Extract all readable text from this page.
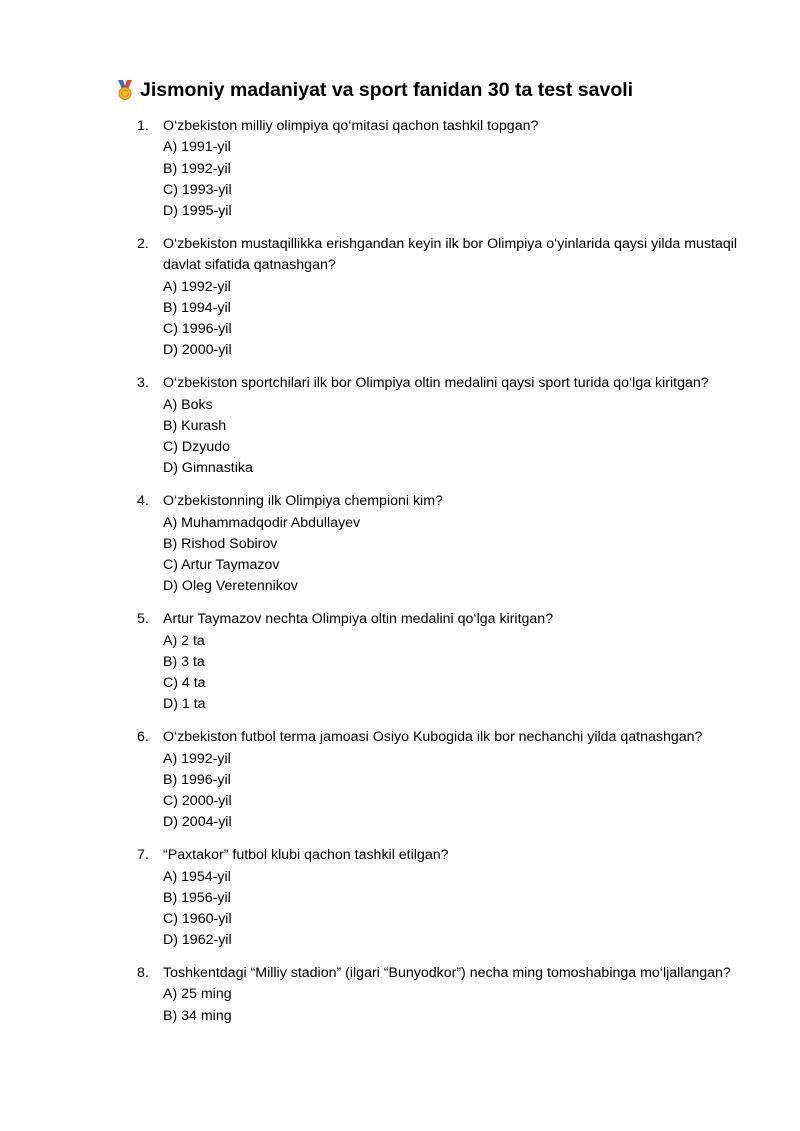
Jismoniy madaniyat va sport fanidan 30 ta test savoli
1. O‘zbekiston milliy olimpiya qo‘mitasi qachon tashkil topgan?

A) 1991-yil
B) 1992-yil
C) 1993-yil
D) 1995-yil
2. O‘zbekiston mustaqillikka erishgandan keyin ilk bor Olimpiya o‘yinlarida qaysi yilda mustaqil davlat sifatida qatnashgan?

A) 1992-yil
B) 1994-yil
C) 1996-yil
D) 2000-yil
3. O‘zbekiston sportchilari ilk bor Olimpiya oltin medalini qaysi sport turida qo‘lga kiritgan?

A) Boks
B) Kurash
C) Dzyudo
D) Gimnastika
4. O‘zbekistonning ilk Olimpiya chempioni kim?

A) Muhammadqodir Abdullayev
B) Rishod Sobirov
C) Artur Taymazov
D) Oleg Veretennikov
5. Artur Taymazov nechta Olimpiya oltin medalini qo‘lga kiritgan?

A) 2 ta
B) 3 ta
C) 4 ta
D) 1 ta
6. O‘zbekiston futbol terma jamoasi Osiyo Kubogida ilk bor nechanchi yilda qatnashgan?

A) 1992-yil
B) 1996-yil
C) 2000-yil
D) 2004-yil
7. “Paxtakor” futbol klubi qachon tashkil etilgan?

A) 1954-yil
B) 1956-yil
C) 1960-yil
D) 1962-yil
8. Toshkentdagi “Milliy stadion” (ilgari “Bunyodkor”) necha ming tomoshabinga mo‘ljallangan?

A) 25 ming
B) 34 ming
